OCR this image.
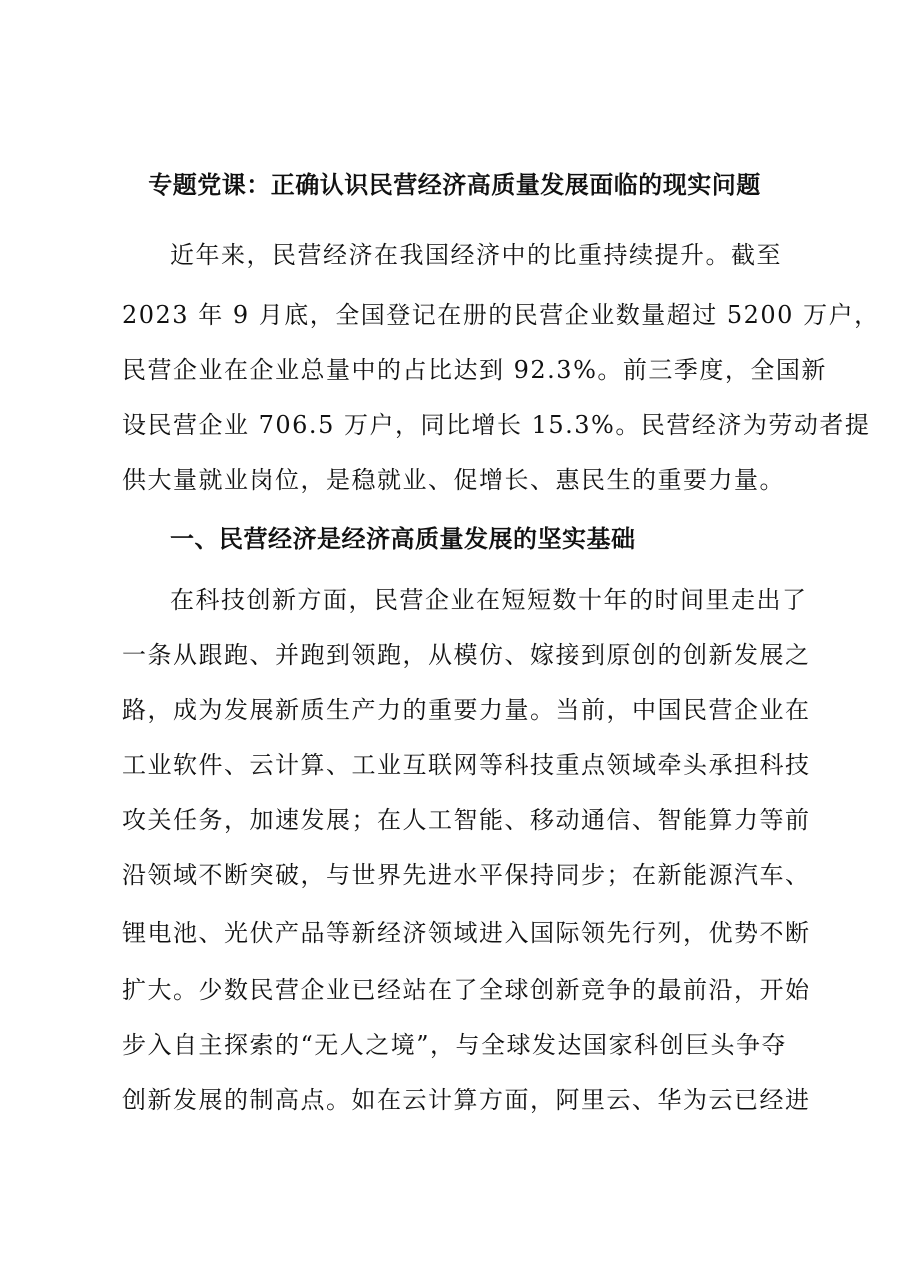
专题党课：正确认识民营经济高质量发展面临的现实问题
近年来，民营经济在我国经济中的比重持续提升。截至
2023 年 9 月底，全国登记在册的民营企业数量超过 5200 万户，
民营企业在企业总量中的占比达到 92.3%。前三季度，全国新
设民营企业 706.5 万户，同比增长 15.3%。民营经济为劳动者提
供大量就业岗位，是稳就业、促增长、惠民生的重要力量。
一、民营经济是经济高质量发展的坚实基础
在科技创新方面，民营企业在短短数十年的时间里走出了
一条从跟跑、并跑到领跑，从模仿、嫁接到原创的创新发展之
路，成为发展新质生产力的重要力量。当前，中国民营企业在
工业软件、云计算、工业互联网等科技重点领域牵头承担科技
攻关任务，加速发展；在人工智能、移动通信、智能算力等前
沿领域不断突破，与世界先进水平保持同步；在新能源汽车、
锂电池、光伏产品等新经济领域进入国际领先行列，优势不断
扩大。少数民营企业已经站在了全球创新竞争的最前沿，开始
步入自主探索的“无人之境”，与全球发达国家科创巨头争夺
创新发展的制高点。如在云计算方面，阿里云、华为云已经进
